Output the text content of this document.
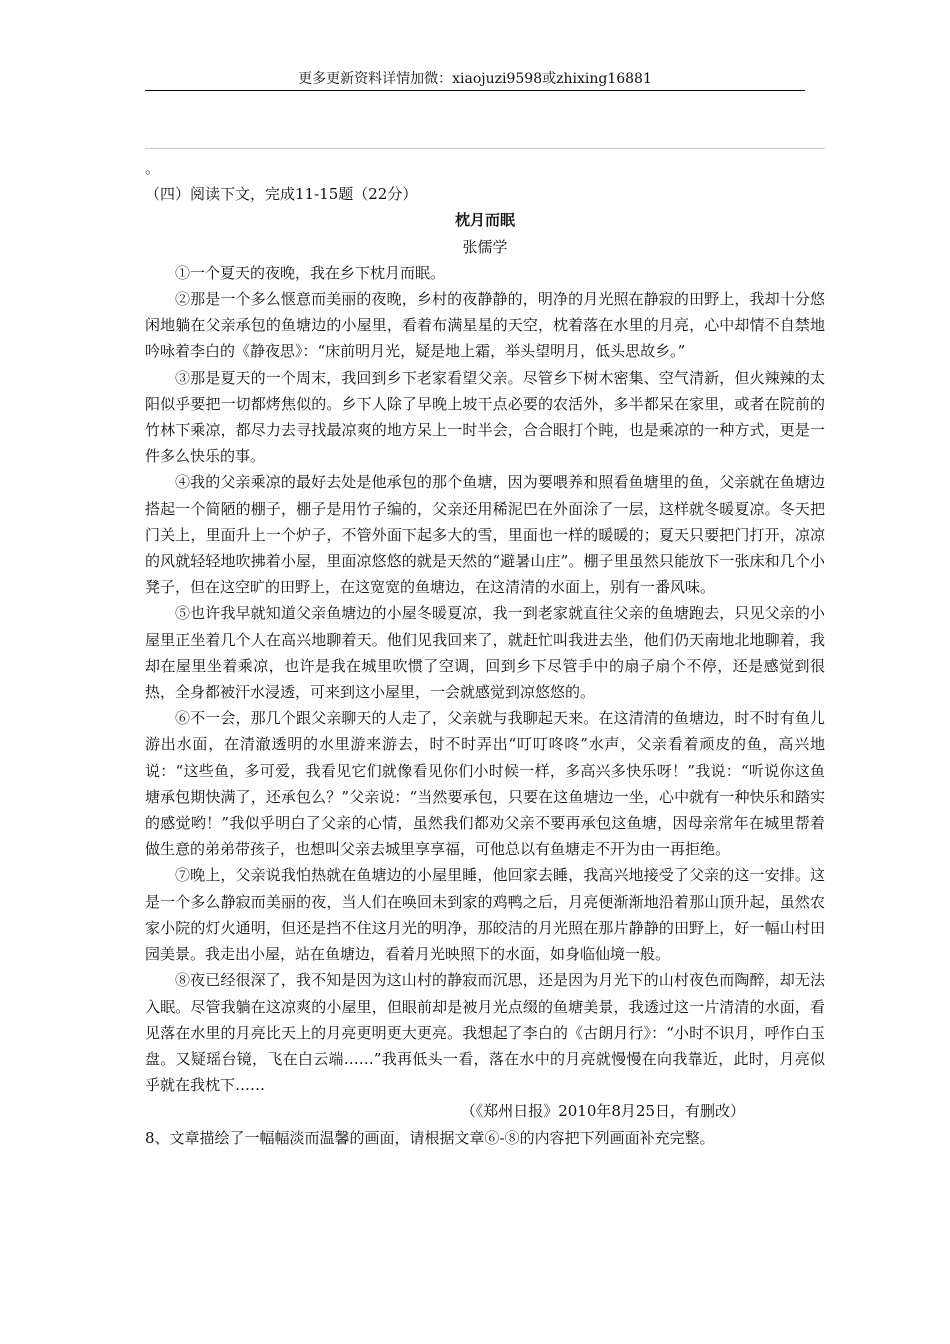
更多更新资料详情加微：xiaojuzi9598或zhixing16881

。

（四）阅读下文，完成11-15题（22分）

枕月而眠

张儒学

①一个夏天的夜晚，我在乡下枕月而眠。

②那是一个多么惬意而美丽的夜晚，乡村的夜静静的，明净的月光照在静寂的田野上，我却十分悠闲地躺在父亲承包的鱼塘边的小屋里，看着布满星星的天空，枕着落在水里的月亮，心中却情不自禁地吟咏着李白的《静夜思》：“床前明月光，疑是地上霜，举头望明月，低头思故乡。”

③那是夏天的一个周末，我回到乡下老家看望父亲。尽管乡下树木密集、空气清新，但火辣辣的太阳似乎要把一切都烤焦似的。乡下人除了早晚上坡干点必要的农活外，多半都呆在家里，或者在院前的竹林下乘凉，都尽力去寻找最凉爽的地方呆上一时半会，合合眼打个盹，也是乘凉的一种方式，更是一件多么快乐的事。

④我的父亲乘凉的最好去处是他承包的那个鱼塘，因为要喂养和照看鱼塘里的鱼，父亲就在鱼塘边搭起一个简陋的棚子，棚子是用竹子编的，父亲还用稀泥巴在外面涂了一层，这样就冬暖夏凉。冬天把门关上，里面升上一个炉子，不管外面下起多大的雪，里面也一样的暖暖的；夏天只要把门打开，凉凉的风就轻轻地吹拂着小屋，里面凉悠悠的就是天然的“避暑山庄”。棚子里虽然只能放下一张床和几个小凳子，但在这空旷的田野上，在这宽宽的鱼塘边，在这清清的水面上，别有一番风味。

⑤也许我早就知道父亲鱼塘边的小屋冬暖夏凉，我一到老家就直往父亲的鱼塘跑去，只见父亲的小屋里正坐着几个人在高兴地聊着天。他们见我回来了，就赶忙叫我进去坐，他们仍天南地北地聊着，我却在屋里坐着乘凉，也许是我在城里吹惯了空调，回到乡下尽管手中的扇子扇个不停，还是感觉到很热，全身都被汗水浸透，可来到这小屋里，一会就感觉到凉悠悠的。

⑥不一会，那几个跟父亲聊天的人走了，父亲就与我聊起天来。在这清清的鱼塘边，时不时有鱼儿游出水面，在清澈透明的水里游来游去，时不时弄出“叮叮咚咚”水声，父亲看着顽皮的鱼，高兴地说：“这些鱼，多可爱，我看见它们就像看见你们小时候一样，多高兴多快乐呀！”我说：“听说你这鱼塘承包期快满了，还承包么？”父亲说：“当然要承包，只要在这鱼塘边一坐，心中就有一种快乐和踏实的感觉哟！”我似乎明白了父亲的心情，虽然我们都劝父亲不要再承包这鱼塘，因母亲常年在城里帮着做生意的弟弟带孩子，也想叫父亲去城里享享福，可他总以有鱼塘走不开为由一再拒绝。

⑦晚上，父亲说我怕热就在鱼塘边的小屋里睡，他回家去睡，我高兴地接受了父亲的这一安排。这是一个多么静寂而美丽的夜，当人们在唤回未到家的鸡鸭之后，月亮便渐渐地沿着那山顶升起，虽然农家小院的灯火通明，但还是挡不住这月光的明净，那皎洁的月光照在那片静静的田野上，好一幅山村田园美景。我走出小屋，站在鱼塘边，看着月光映照下的水面，如身临仙境一般。

⑧夜已经很深了，我不知是因为这山村的静寂而沉思，还是因为月光下的山村夜色而陶醉，却无法入眠。尽管我躺在这凉爽的小屋里，但眼前却是被月光点缀的鱼塘美景，我透过这一片清清的水面，看见落在水里的月亮比天上的月亮更明更大更亮。我想起了李白的《古朗月行》：“小时不识月，呼作白玉盘。又疑瑶台镜，飞在白云端……”我再低头一看，落在水中的月亮就慢慢在向我靠近，此时，月亮似乎就在我枕下……

（《郑州日报》2010年8月25日，有删改）

8、文章描绘了一幅幅淡而温馨的画面，请根据文章⑥-⑧的内容把下列画面补充完整。
